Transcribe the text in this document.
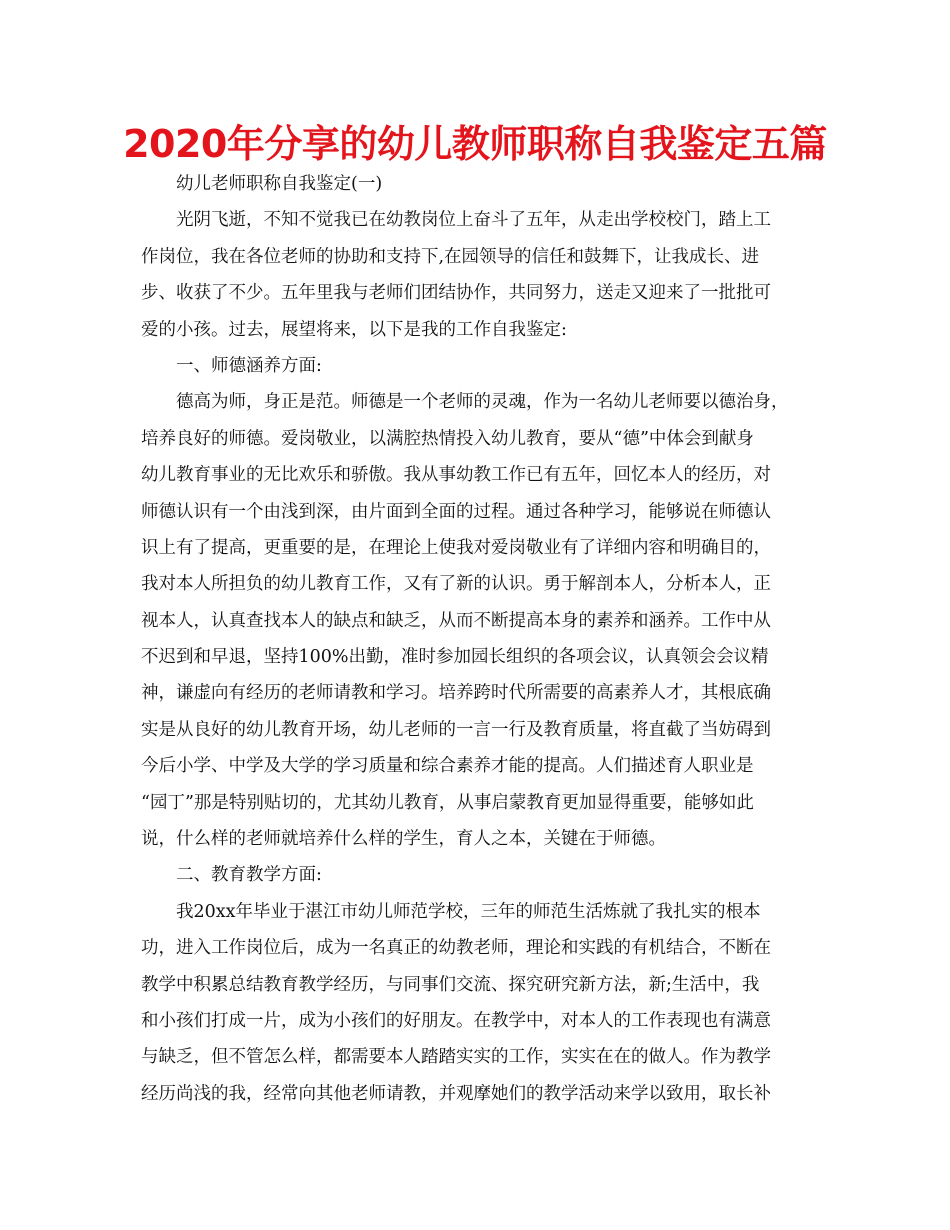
2020年分享的幼儿教师职称自我鉴定五篇
幼儿老师职称自我鉴定(一)
光阴飞逝，不知不觉我已在幼教岗位上奋斗了五年，从走出学校校门，踏上工
作岗位，我在各位老师的协助和支持下,在园领导的信任和鼓舞下，让我成长、进
步、收获了不少。五年里我与老师们团结协作，共同努力，送走又迎来了一批批可
爱的小孩。过去，展望将来，以下是我的工作自我鉴定:
一、师德涵养方面:
德高为师，身正是范。师德是一个老师的灵魂，作为一名幼儿老师要以德治身，
培养良好的师德。爱岗敬业，以满腔热情投入幼儿教育，要从“德”中体会到献身
幼儿教育事业的无比欢乐和骄傲。我从事幼教工作已有五年，回忆本人的经历，对
师德认识有一个由浅到深，由片面到全面的过程。通过各种学习，能够说在师德认
识上有了提高，更重要的是，在理论上使我对爱岗敬业有了详细内容和明确目的，
我对本人所担负的幼儿教育工作，又有了新的认识。勇于解剖本人，分析本人，正
视本人，认真查找本人的缺点和缺乏，从而不断提高本身的素养和涵养。工作中从
不迟到和早退，坚持100%出勤，准时参加园长组织的各项会议，认真领会会议精
神，谦虚向有经历的老师请教和学习。培养跨时代所需要的高素养人才，其根底确
实是从良好的幼儿教育开场，幼儿老师的一言一行及教育质量，将直截了当妨碍到
今后小学、中学及大学的学习质量和综合素养才能的提高。人们描述育人职业是
“园丁”那是特别贴切的，尤其幼儿教育，从事启蒙教育更加显得重要，能够如此
说，什么样的老师就培养什么样的学生，育人之本，关键在于师德。
二、教育教学方面:
我20xx年毕业于湛江市幼儿师范学校，三年的师范生活炼就了我扎实的根本
功，进入工作岗位后，成为一名真正的幼教老师，理论和实践的有机结合，不断在
教学中积累总结教育教学经历，与同事们交流、探究研究新方法，新;生活中，我
和小孩们打成一片，成为小孩们的好朋友。在教学中，对本人的工作表现也有满意
与缺乏，但不管怎么样，都需要本人踏踏实实的工作，实实在在的做人。作为教学
经历尚浅的我，经常向其他老师请教，并观摩她们的教学活动来学以致用，取长补
